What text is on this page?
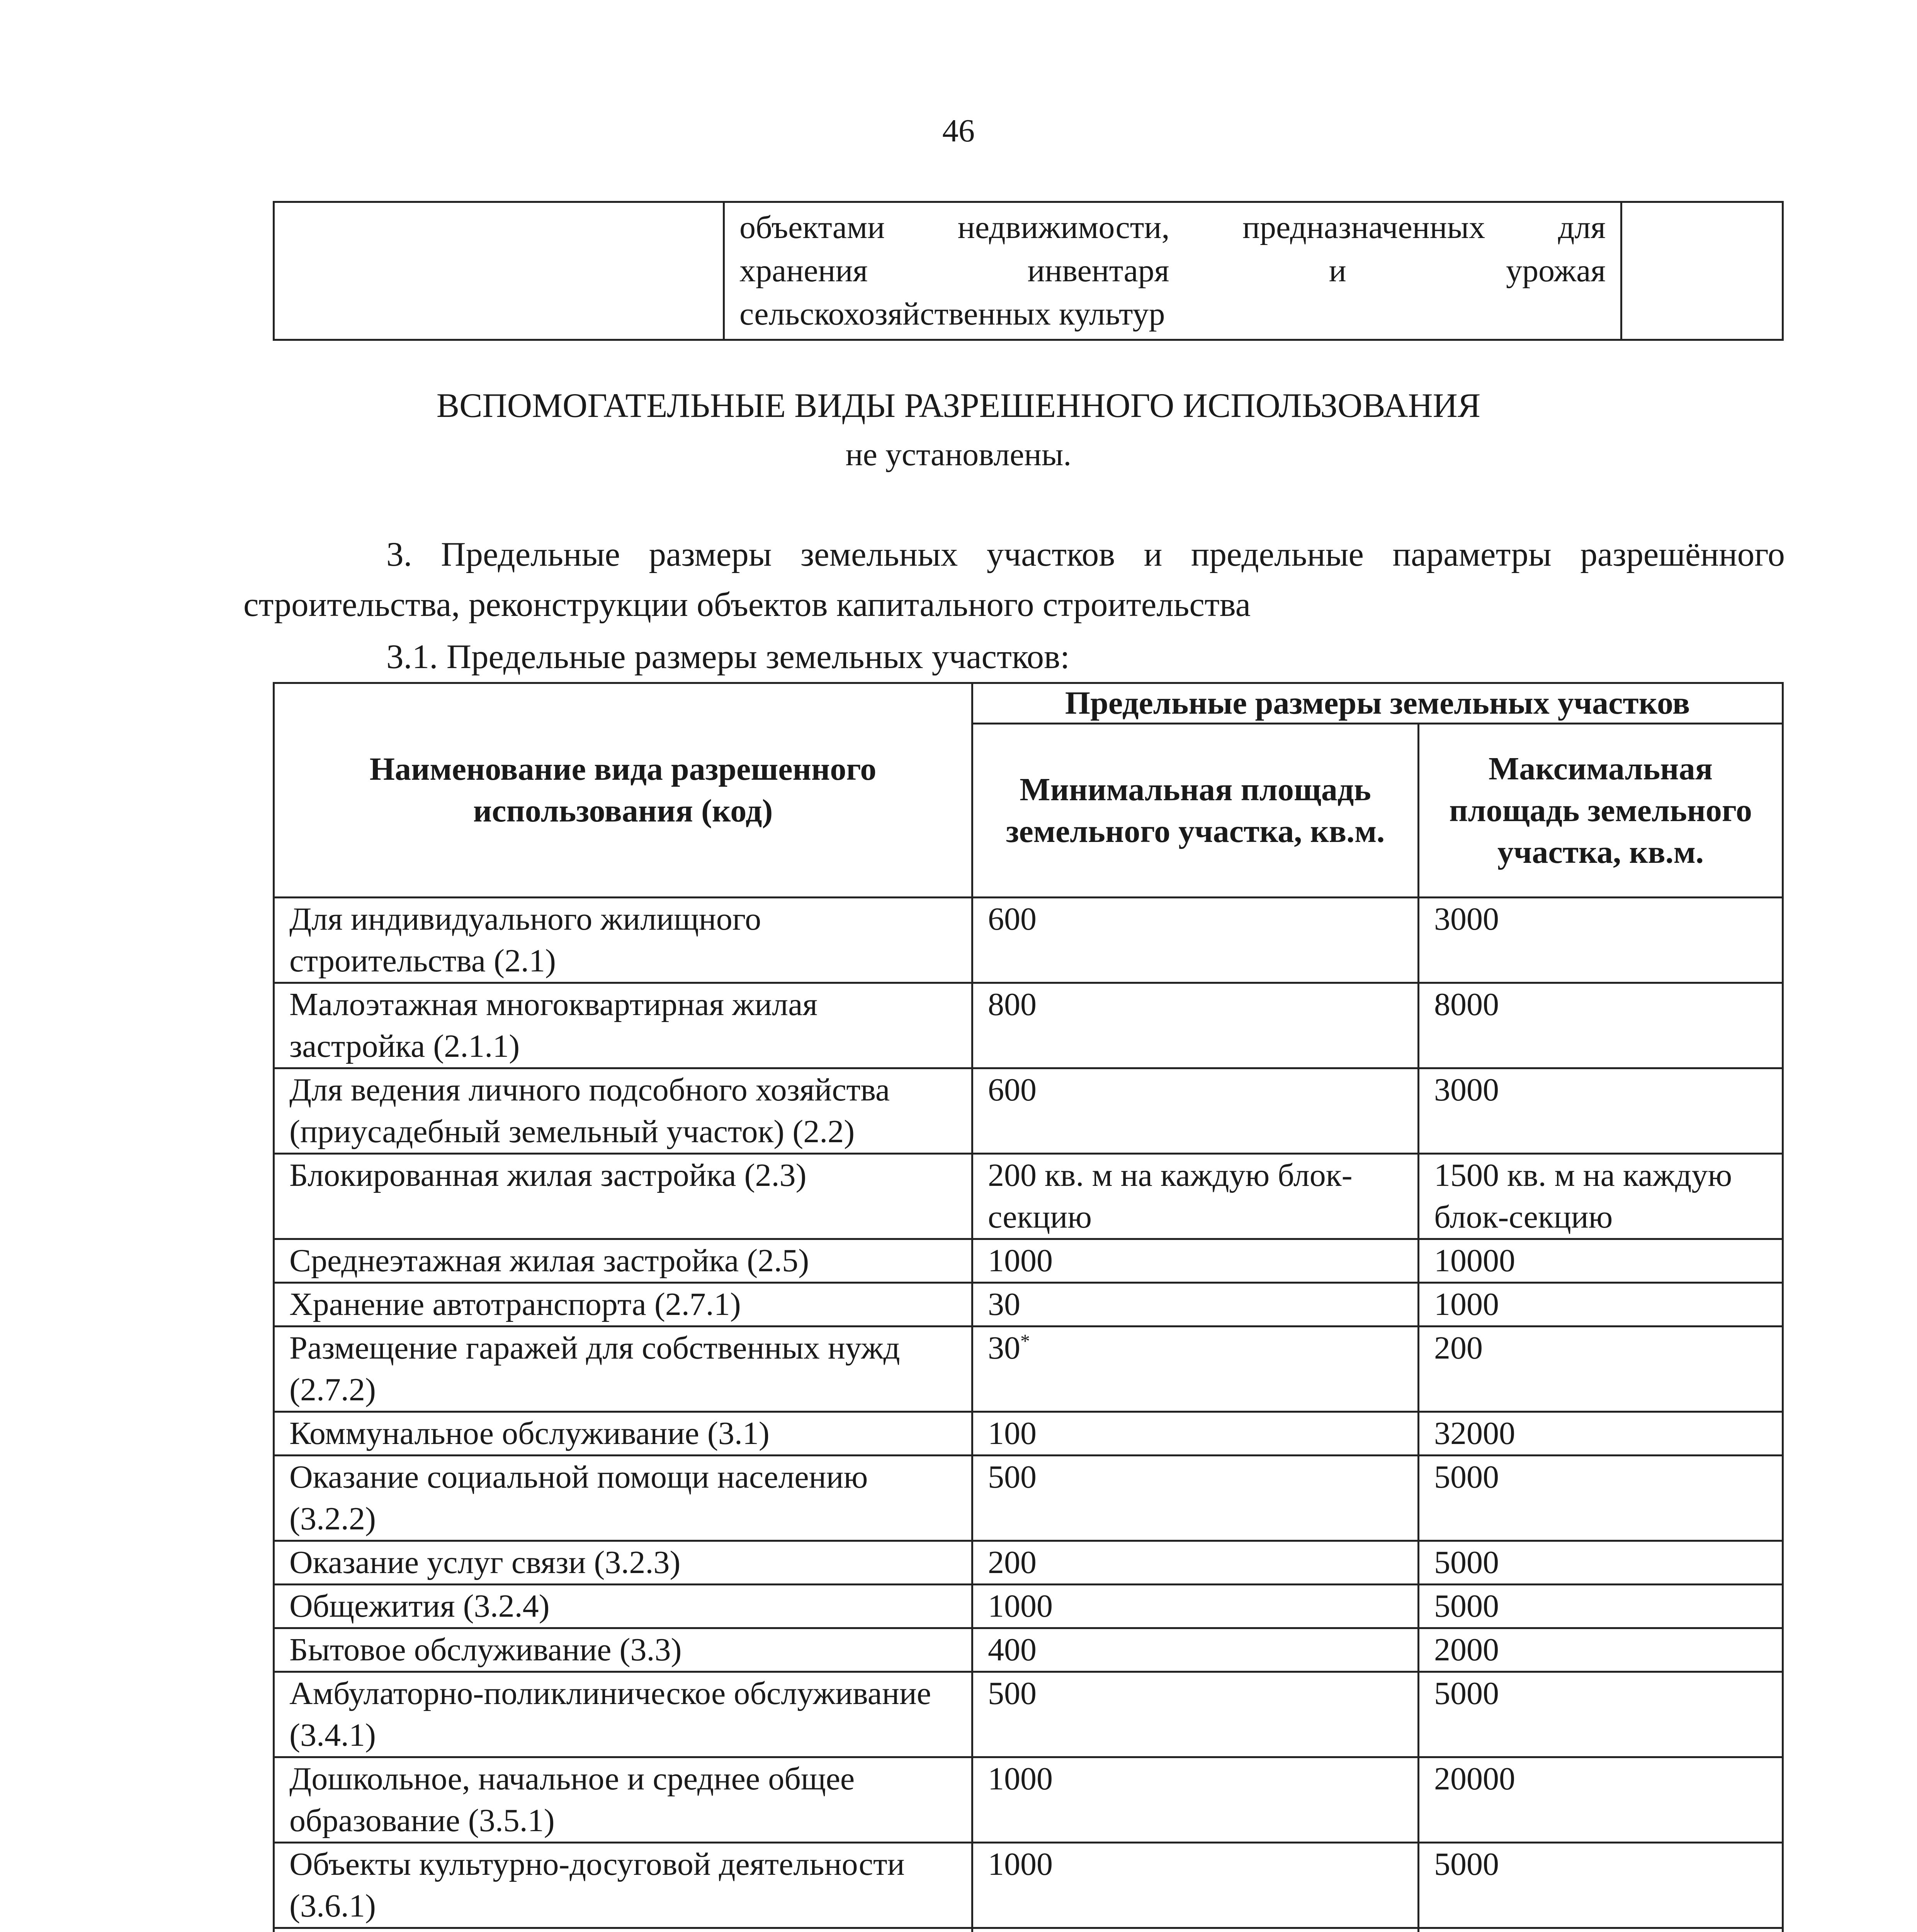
46

объектами недвижимости, предназначенных для
хранения инвентаря и урожая
сельскохозяйственных культур

ВСПОМОГАТЕЛЬНЫЕ ВИДЫ РАЗРЕШЕННОГО ИСПОЛЬЗОВАНИЯ
не установлены.
3. Предельные размеры земельных участков и предельные параметры разрешённого строительства, реконструкции объектов капитального строительства
3.1. Предельные размеры земельных участков:
Наименование вида разрешенного использования (код)	Предельные размеры земельных участков	
	Минимальная площадь земельного участка, кв.м.	Максимальная площадь земельного участка, кв.м.
Для индивидуального жилищного строительства (2.1)	600	3000
Малоэтажная многоквартирная жилая застройка (2.1.1)	800	8000
Для ведения личного подсобного хозяйства (приусадебный земельный участок) (2.2)	600	3000
Блокированная жилая застройка (2.3)	200 кв. м на каждую блок-секцию	1500 кв. м на каждую блок-секцию
Среднеэтажная жилая застройка (2.5)	1000	10000
Хранение автотранспорта (2.7.1)	30	1000
Размещение гаражей для собственных нужд (2.7.2)	30*	200
Коммунальное обслуживание (3.1)	100	32000
Оказание социальной помощи населению (3.2.2)	500	5000
Оказание услуг связи (3.2.3)	200	5000
Общежития (3.2.4)	1000	5000
Бытовое обслуживание (3.3)	400	2000
Амбулаторно-поликлиническое обслуживание (3.4.1)	500	5000
Дошкольное, начальное и среднее общее образование (3.5.1)	1000	20000
Объекты культурно-досуговой деятельности (3.6.1)	1000	5000
